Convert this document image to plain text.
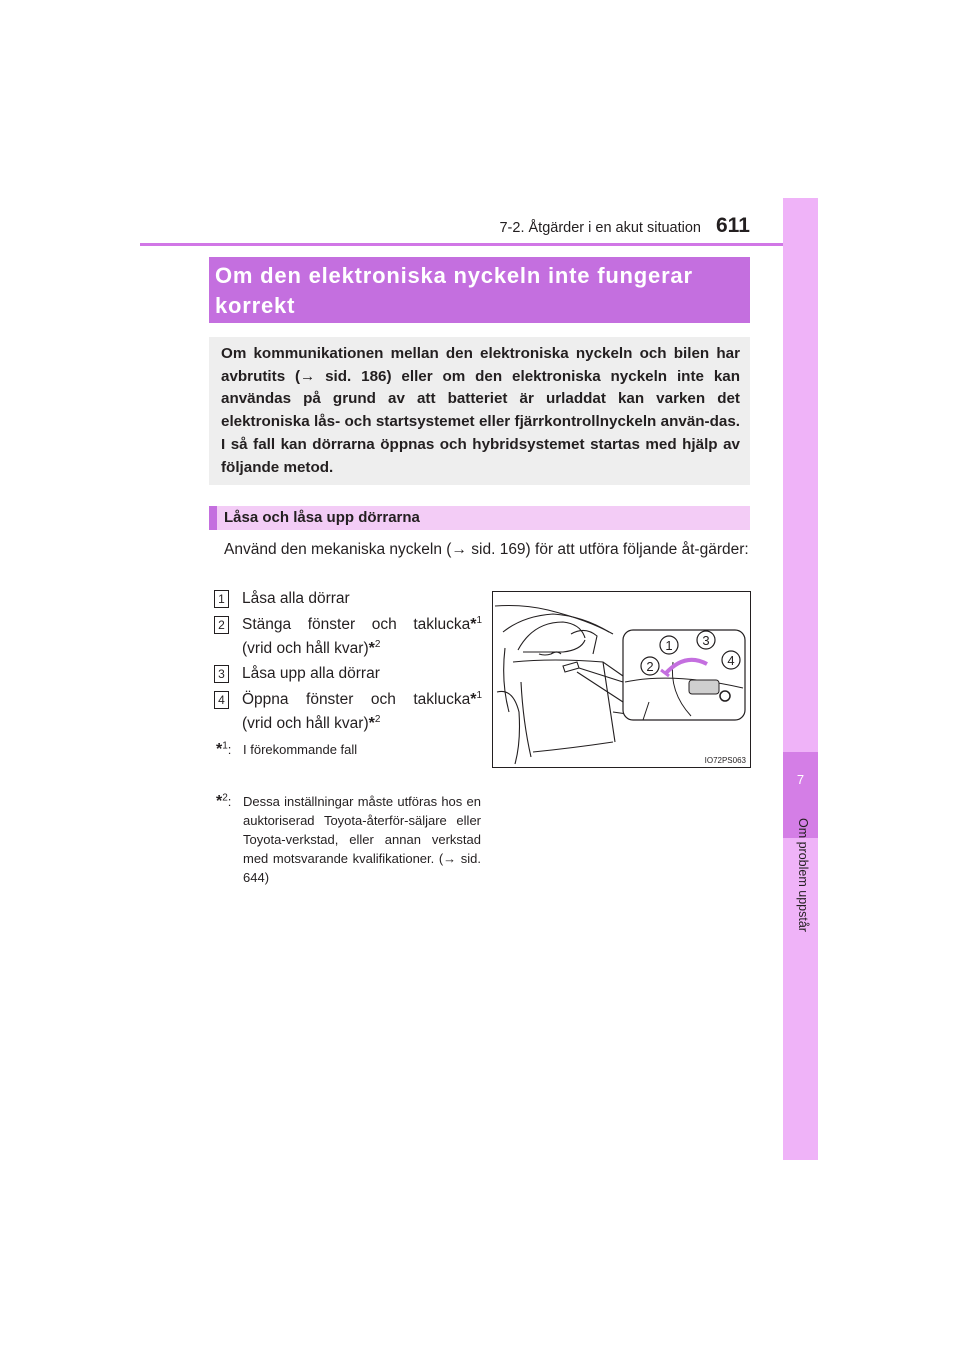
7-2. Åtgärder i en akut situation 611
7
Om problem uppstår
Om den elektroniska nyckeln inte fungerar korrekt
Om kommunikationen mellan den elektroniska nyckeln och bilen har avbrutits (→ sid. 186) eller om den elektroniska nyckeln inte kan användas på grund av att batteriet är urladdat kan varken det elektroniska lås- och startsystemet eller fjärrkontrollnyckeln använ-das. I så fall kan dörrarna öppnas och hybridsystemet startas med hjälp av följande metod.
Låsa och låsa upp dörrarna
Använd den mekaniska nyckeln (→ sid. 169) för att utföra följande åt-gärder:
1 Låsa alla dörrar
2 Stänga fönster och taklucka*$^1$
(vrid och håll kvar)*$^2$
3 Låsa upp alla dörrar
4 Öppna fönster och taklucka*$^1$
(vrid och håll kvar)*$^2$
*$^1$: I förekommande fall
*$^2$: Dessa inställningar måste utföras hos en auktoriserad Toyota-återför-säljare eller Toyota-verkstad, eller annan verkstad med motsvarande kvalifikationer. (→ sid. 644)
1 3
2	4
IO72PS063
